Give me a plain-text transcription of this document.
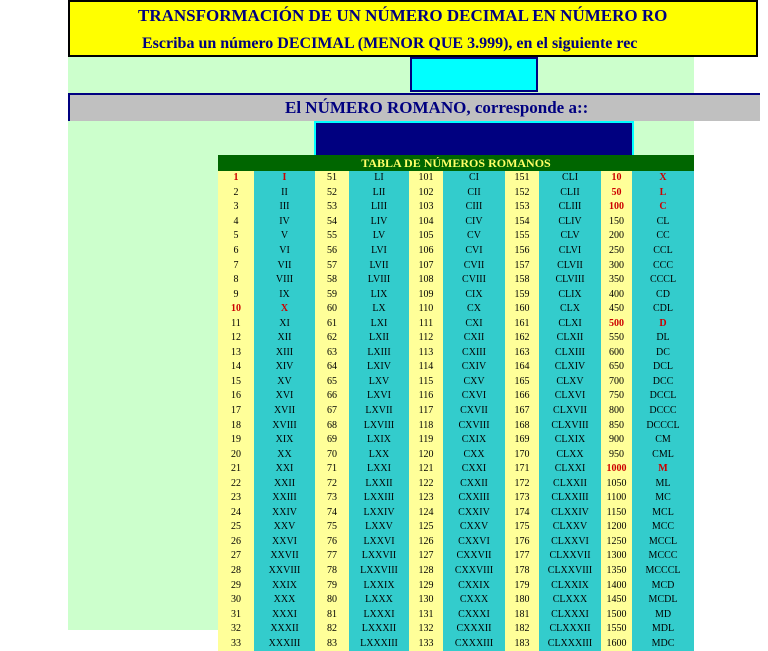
TRANSFORMACIÓN DE UN NÚMERO DECIMAL EN NÚMERO RO
Escriba un número DECIMAL (MENOR QUE 3.999), en el siguiente rec
El NÚMERO ROMANO, corresponde a::
TABLA DE NÚMEROS ROMANOS
1	I	51	LI	101	CI	151	CLI	10	X
2	II	52	LII	102	CII	152	CLII	50	L
3	III	53	LIII	103	CIII	153	CLIII	100	C
4	IV	54	LIV	104	CIV	154	CLIV	150	CL
5	V	55	LV	105	CV	155	CLV	200	CC
6	VI	56	LVI	106	CVI	156	CLVI	250	CCL
7	VII	57	LVII	107	CVII	157	CLVII	300	CCC
8	VIII	58	LVIII	108	CVIII	158	CLVIII	350	CCCL
9	IX	59	LIX	109	CIX	159	CLIX	400	CD
10	X	60	LX	110	CX	160	CLX	450	CDL
11	XI	61	LXI	111	CXI	161	CLXI	500	D
12	XII	62	LXII	112	CXII	162	CLXII	550	DL
13	XIII	63	LXIII	113	CXIII	163	CLXIII	600	DC
14	XIV	64	LXIV	114	CXIV	164	CLXIV	650	DCL
15	XV	65	LXV	115	CXV	165	CLXV	700	DCC
16	XVI	66	LXVI	116	CXVI	166	CLXVI	750	DCCL
17	XVII	67	LXVII	117	CXVII	167	CLXVII	800	DCCC
18	XVIII	68	LXVIII	118	CXVIII	168	CLXVIII	850	DCCCL
19	XIX	69	LXIX	119	CXIX	169	CLXIX	900	CM
20	XX	70	LXX	120	CXX	170	CLXX	950	CML
21	XXI	71	LXXI	121	CXXI	171	CLXXI	1000	M
22	XXII	72	LXXII	122	CXXII	172	CLXXII	1050	ML
23	XXIII	73	LXXIII	123	CXXIII	173	CLXXIII	1100	MC
24	XXIV	74	LXXIV	124	CXXIV	174	CLXXIV	1150	MCL
25	XXV	75	LXXV	125	CXXV	175	CLXXV	1200	MCC
26	XXVI	76	LXXVI	126	CXXVI	176	CLXXVI	1250	MCCL
27	XXVII	77	LXXVII	127	CXXVII	177	CLXXVII	1300	MCCC
28	XXVIII	78	LXXVIII	128	CXXVIII	178	CLXXVIII	1350	MCCCL
29	XXIX	79	LXXIX	129	CXXIX	179	CLXXIX	1400	MCD
30	XXX	80	LXXX	130	CXXX	180	CLXXX	1450	MCDL
31	XXXI	81	LXXXI	131	CXXXI	181	CLXXXI	1500	MD
32	XXXII	82	LXXXII	132	CXXXII	182	CLXXXII	1550	MDL
33	XXXIII	83	LXXXIII	133	CXXXIII	183	CLXXXIII	1600	MDC
